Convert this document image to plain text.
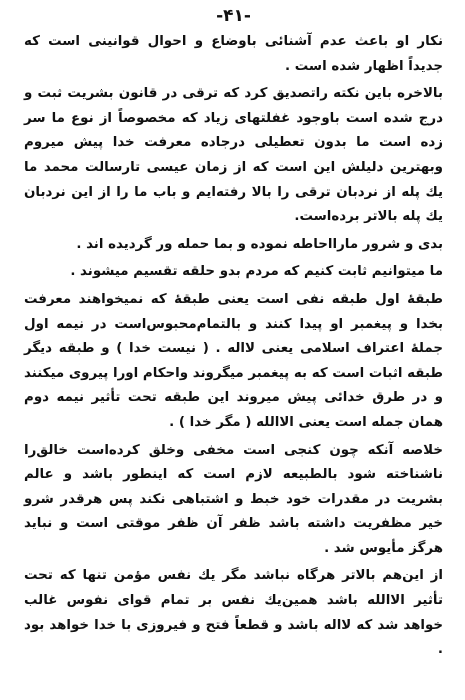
-۴۱-

نکار او باعث عدم آشنائی باوضاع و احوال قوانینی است که جدیداً اظهار شده است .

بالاخره باین نکته راتصدیق کرد که ترقی در قانون بشریت ثبت و درج شده است باوجود غفلتهای زیاد که مخصوصاً از نوع ما سر زده است ما بدون تعطیلی درجاده معرفت خدا پیش میروم وبهترین دلیلش این است که از زمان عیسی تارسالت محمد ما یك پله از نردبان ترقی را بالا رفته‌ایم و باب ما را از این نردبان یك پله بالاتر برده‌است.

بدی و شرور مارااحاطه نموده و بما حمله ور گردیده اند .

ما میتوانیم ثابت کنیم که مردم بدو حلقه تقسیم میشوند .

طبقهٔ اول طبقه نفی است یعنی طبقهٔ که نمیخواهند معرفت بخدا و پیغمبر او پیدا کنند و بالتمام‌محبوس‌است در نیمه اول جملهٔ اعتراف اسلامی یعنی لااله . ( نیست خدا ) و طبقه دیگر طبقه اثبات است که به پیغمبر میگروند واحکام اورا پیروی میکنند و در طرق خدائی پیش میروند این طبقه تحت تأثیر نیمه دوم همان جمله است یعنی الاالله ( مگر خدا ) .

خلاصه آنکه چون کنجی است مخفی وخلق کرده‌است خالق‌را ناشناخته شود بالطبیعه لازم است که اینطور باشد و عالم بشریت در مقدرات خود خبط و اشتباهی نکند پس هرقدر شرو خیر مظفریت داشته باشد ظفر آن ظفر موقتی است و نباید هرگز مأیوس شد .

از این‌هم بالاتر هرگاه نباشد مگر یك نفس مؤمن تنها که تحت تأثیر الاالله باشد همین‌یك نفس بر تمام قوای نفوس غالب خواهد شد که لااله باشد و قطعاً فتح و فیروزی با خدا خواهد بود .
